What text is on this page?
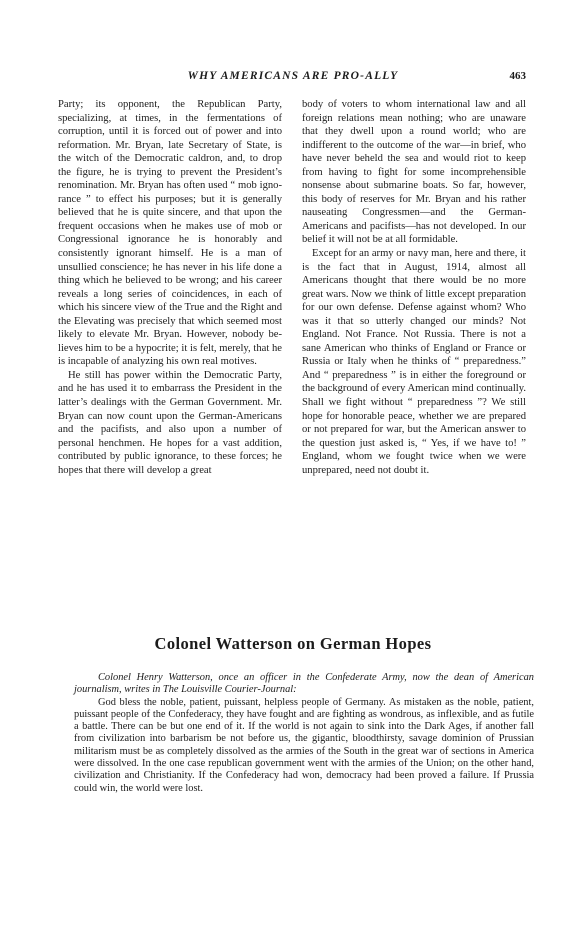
WHY AMERICANS ARE PRO-ALLY	463

Party; its opponent, the Republican Party, specializing, at times, in the fermentations of corruption, until it is forced out of power and into reformation. Mr. Bryan, late Secretary of State, is the witch of the Democratic caldron, and, to drop the figure, he is trying to prevent the President’s renomination. Mr. Bryan has often used “ mob ignorance ” to effect his purposes; but it is generally believed that he is quite sincere, and that upon the frequent occasions when he makes use of mob or Congressional ignorance he is honorably and consistently ignorant himself. He is a man of unsullied conscience; he has never in his life done a thing which he believed to be wrong; and his career reveals a long series of coincidences, in each of which his sincere view of the True and the Right and the Elevating was precisely that which seemed most likely to elevate Mr. Bryan. However, nobody believes him to be a hypocrite; it is felt, merely, that he is incapable of analyzing his own real motives.

He still has power within the Democratic Party, and he has used it to embarrass the President in the latter’s dealings with the German Government. Mr. Bryan can now count upon the German-Americans and the pacifists, and also upon a number of personal henchmen. He hopes for a vast addition, contributed by public ignorance, to these forces; he hopes that there will develop a great

body of voters to whom international law and all foreign relations mean nothing; who are unaware that they dwell upon a round world; who are indifferent to the outcome of the war—in brief, who have never beheld the sea and would riot to keep from having to fight for some incomprehensible nonsense about submarine boats. So far, however, this body of reserves for Mr. Bryan and his rather nauseating Congressmen—and the German-Americans and pacifists—has not developed. In our belief it will not be at all formidable.

Except for an army or navy man, here and there, it is the fact that in August, 1914, almost all Americans thought that there would be no more great wars. Now we think of little except preparation for our own defense. Defense against whom? Who was it that so utterly changed our minds? Not England. Not France. Not Russia. There is not a sane American who thinks of England or France or Russia or Italy when he thinks of “ preparedness.” And “ preparedness ” is in either the foreground or the background of every American mind continually. Shall we fight without “ preparedness ”? We still hope for honorable peace, whether we are prepared or not prepared for war, but the American answer to the question just asked is, “ Yes, if we have to! ” England, whom we fought twice when we were unprepared, need not doubt it.

Colonel Watterson on German Hopes

Colonel Henry Watterson, once an officer in the Confederate Army, now the dean of American journalism, writes in The Louisville Courier-Journal:

God bless the noble, patient, puissant, helpless people of Germany. As mistaken as the noble, patient, puissant people of the Confederacy, they have fought and are fighting as wondrous, as inflexible, and as futile a battle. There can be but one end of it. If the world is not again to sink into the Dark Ages, if another fall from civilization into barbarism be not before us, the gigantic, bloodthirsty, savage dominion of Prussian militarism must be as completely dissolved as the armies of the South in the great war of sections in America were dissolved. In the one case republican government went with the armies of the Union; on the other hand, civilization and Christianity. If the Confederacy had won, democracy had been proved a failure. If Prussia could win, the world were lost.
